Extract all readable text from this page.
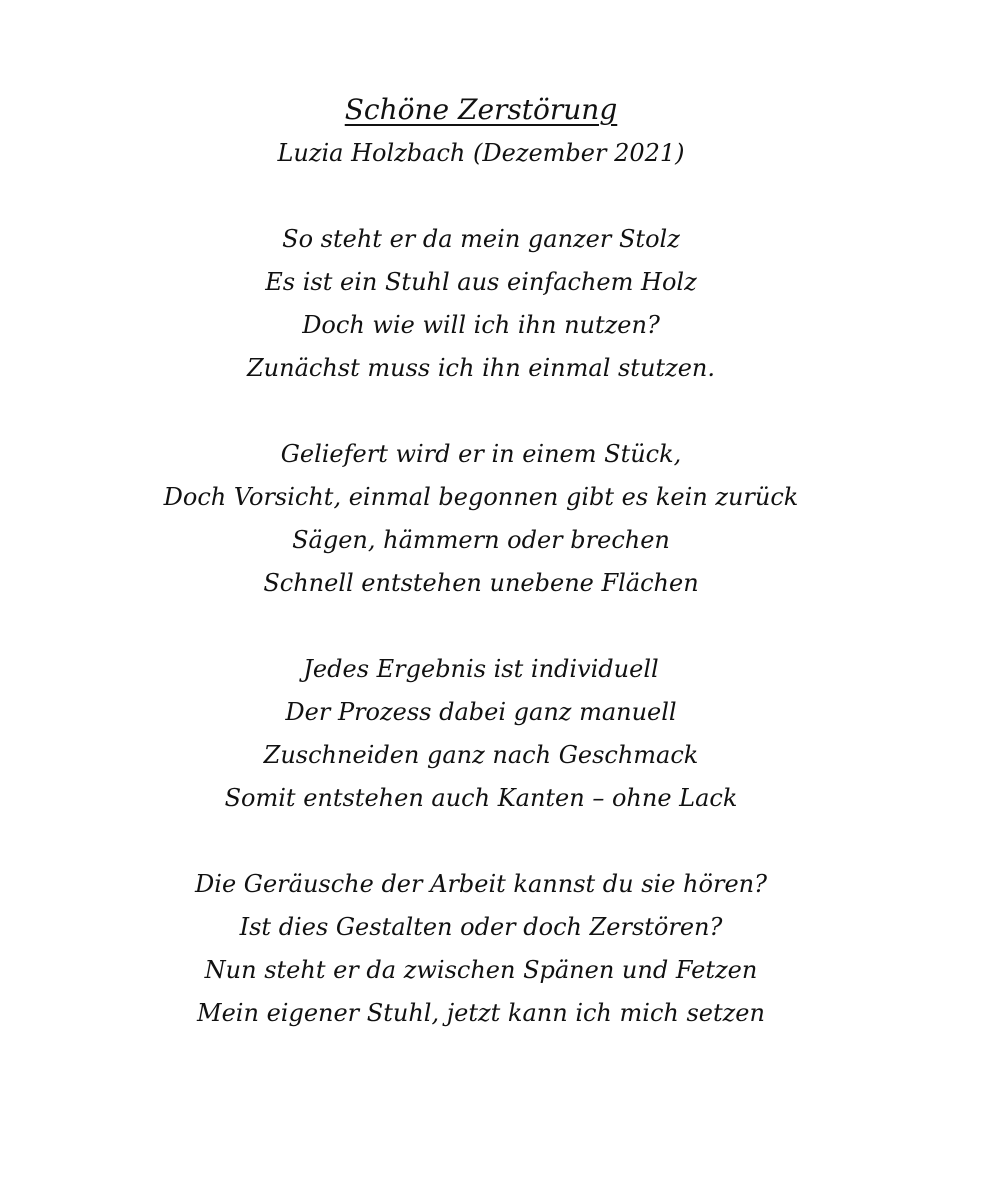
Schöne Zerstörung

Luzia Holzbach (Dezember 2021)

So steht er da mein ganzer Stolz
Es ist ein Stuhl aus einfachem Holz
Doch wie will ich ihn nutzen?
Zunächst muss ich ihn einmal stutzen.
Geliefert wird er in einem Stück,
Doch Vorsicht, einmal begonnen gibt es kein zurück
Sägen, hämmern oder brechen
Schnell entstehen unebene Flächen
Jedes Ergebnis ist individuell
Der Prozess dabei ganz manuell
Zuschneiden ganz nach Geschmack
Somit entstehen auch Kanten – ohne Lack
Die Geräusche der Arbeit kannst du sie hören?
Ist dies Gestalten oder doch Zerstören?
Nun steht er da zwischen Spänen und Fetzen
Mein eigener Stuhl, jetzt kann ich mich setzen
